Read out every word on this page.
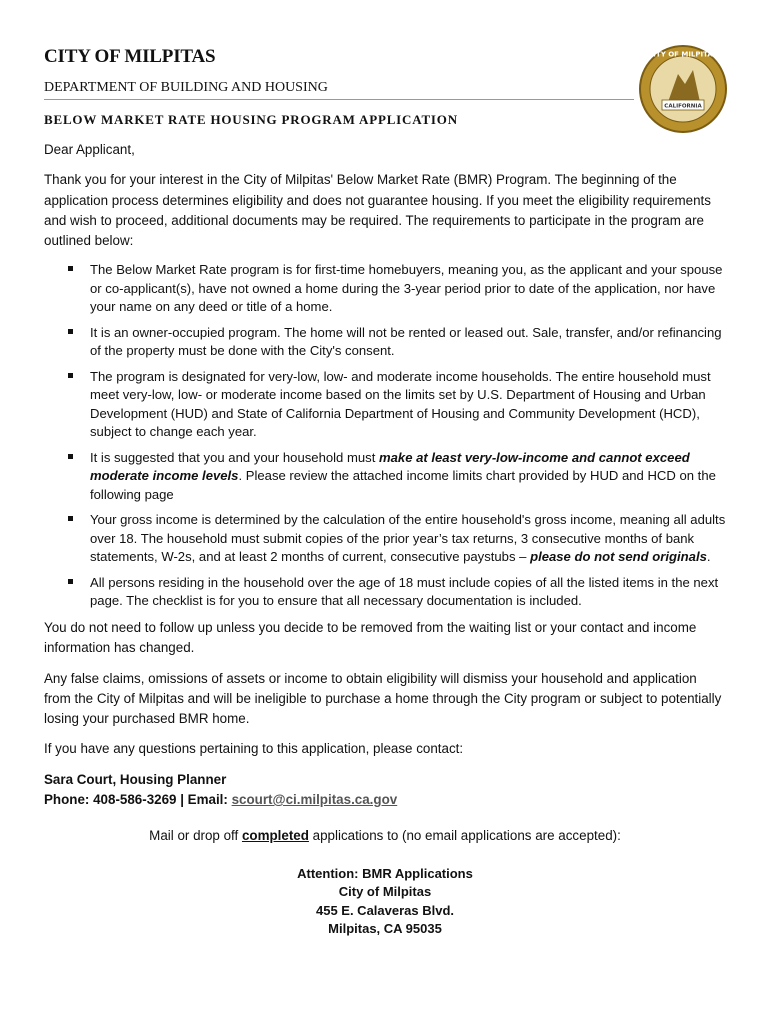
CITY OF MILPITAS
DEPARTMENT OF BUILDING AND HOUSING
BELOW MARKET RATE HOUSING PROGRAM APPLICATION
CALIFORNIA
CITY OF MILPITAS

Dear Applicant,

Thank you for your interest in the City of Milpitas' Below Market Rate (BMR) Program. The beginning of the application process determines eligibility and does not guarantee housing. If you meet the eligibility requirements and wish to proceed, additional documents may be required. The requirements to participate in the program are outlined below:

The Below Market Rate program is for first-time homebuyers, meaning you, as the applicant and your spouse or co-applicant(s), have not owned a home during the 3-year period prior to date of the application, nor have your name on any deed or title of a home.
It is an owner-occupied program. The home will not be rented or leased out. Sale, transfer, and/or refinancing of the property must be done with the City's consent.
The program is designated for very-low, low- and moderate income households. The entire household must meet very-low, low- or moderate income based on the limits set by U.S. Department of Housing and Urban Development (HUD) and State of California Department of Housing and Community Development (HCD), subject to change each year.
It is suggested that you and your household must make at least very-low-income and cannot exceed moderate income levels. Please review the attached income limits chart provided by HUD and HCD on the following page
Your gross income is determined by the calculation of the entire household's gross income, meaning all adults over 18. The household must submit copies of the prior year’s tax returns, 3 consecutive months of bank statements, W-2s, and at least 2 months of current, consecutive paystubs – please do not send originals.
All persons residing in the household over the age of 18 must include copies of all the listed items in the next page. The checklist is for you to ensure that all necessary documentation is included.

You do not need to follow up unless you decide to be removed from the waiting list or your contact and income information has changed.

Any false claims, omissions of assets or income to obtain eligibility will dismiss your household and application from the City of Milpitas and will be ineligible to purchase a home through the City program or subject to potentially losing your purchased BMR home.

If you have any questions pertaining to this application, please contact:

Sara Court, Housing Planner

Phone: 408-586-3269 | Email: scourt@ci.milpitas.ca.gov

Mail or drop off completed applications to (no email applications are accepted):

Attention: BMR Applications
City of Milpitas
455 E. Calaveras Blvd.
Milpitas, CA 95035
